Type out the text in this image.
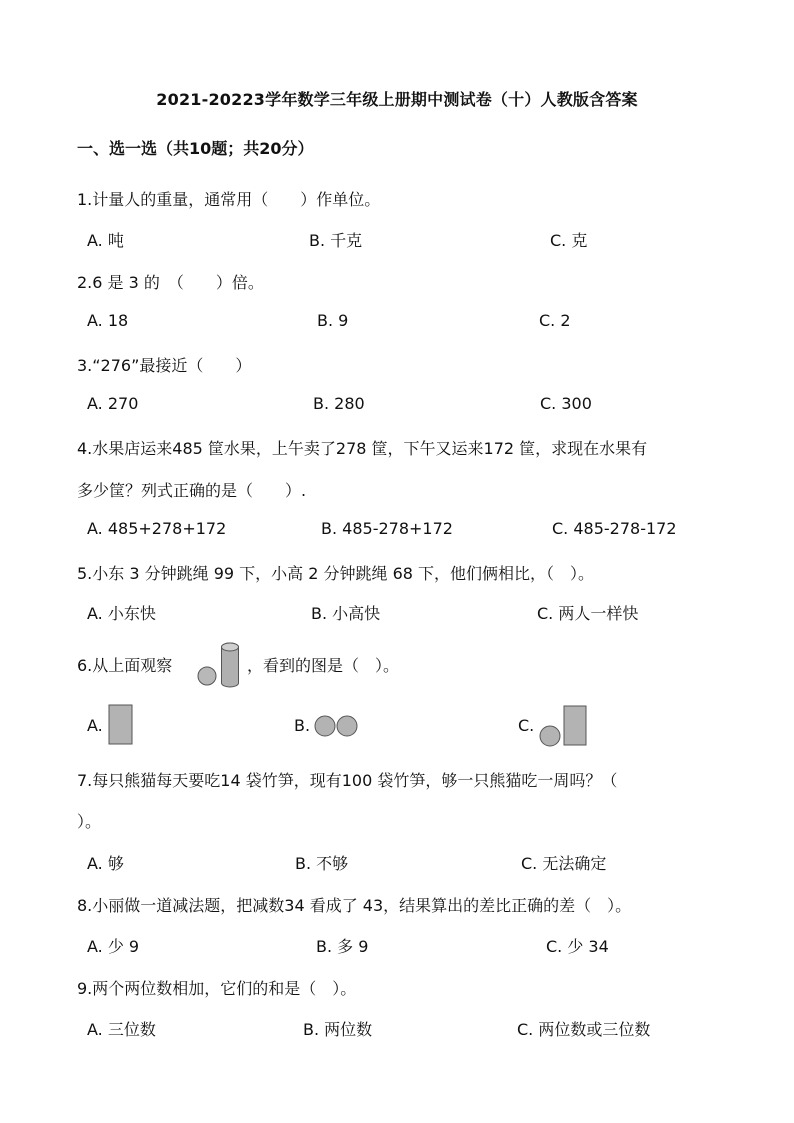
2021-20223学年数学三年级上册期中测试卷（十）人教版含答案
一、选一选（共10题；共20分）
1.计量人的重量，通常用（　　）作单位。
A. 吨	B. 千克	C. 克
2.6 是 3 的　（　　）倍。
A. 18	B. 9	C. 2
3.“276”最接近（　　）
A. 270	B. 280	C. 300
4.水果店运来485 筐水果，上午卖了278 筐，下午又运来172 筐，求现在水果有
多少筐？列式正确的是（　　）.
A. 485+278+172	B. 485-278+172	C. 485-278-172
5.小东 3 分钟跳绳 99 下，小高 2 分钟跳绳 68 下，他们俩相比，（　）。
A. 小东快	B. 小高快	C. 两人一样快
6.从上面观察	，看到的图是（　）。
A.	B.	C.
7.每只熊猫每天要吃14 袋竹笋，现有100 袋竹笋，够一只熊猫吃一周吗？（
）。
A. 够	B. 不够	C. 无法确定
8.小丽做一道减法题，把减数34 看成了 43，结果算出的差比正确的差（　）。
A. 少 9	B. 多 9	C. 少 34
9.两个两位数相加，它们的和是（　）。
A. 三位数	B. 两位数	C. 两位数或三位数
